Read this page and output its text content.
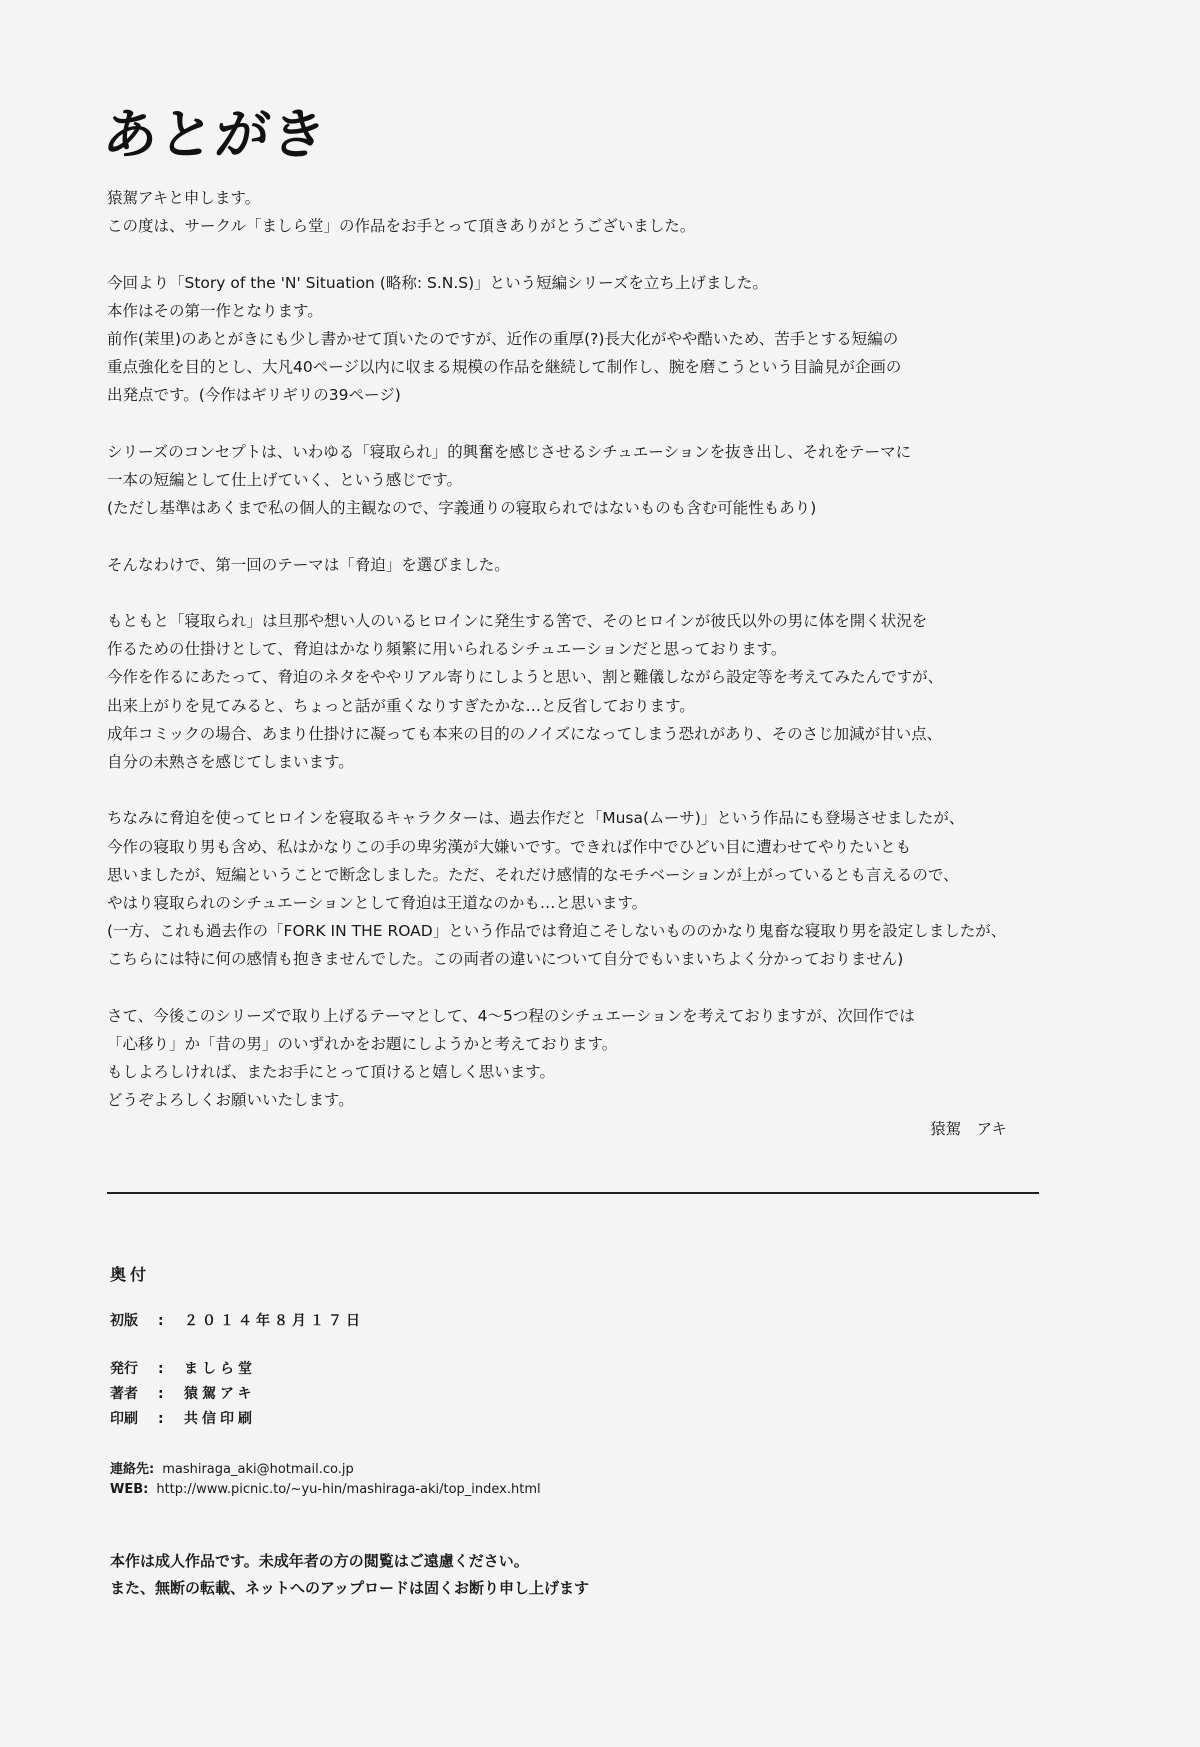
あとがき
猿駕アキと申します。
この度は、サークル「ましら堂」の作品をお手とって頂きありがとうございました。
今回より「Story of the 'N' Situation (略称: S.N.S)」という短編シリーズを立ち上げました。
本作はその第一作となります。
前作(茉里)のあとがきにも少し書かせて頂いたのですが、近作の重厚(?)長大化がやや酷いため、苦手とする短編の
重点強化を目的とし、大凡40ページ以内に収まる規模の作品を継続して制作し、腕を磨こうという目論見が企画の
出発点です。(今作はギリギリの39ページ)
シリーズのコンセプトは、いわゆる「寝取られ」的興奮を感じさせるシチュエーションを抜き出し、それをテーマに
一本の短編として仕上げていく、という感じです。
(ただし基準はあくまで私の個人的主観なので、字義通りの寝取られではないものも含む可能性もあり)
そんなわけで、第一回のテーマは「脅迫」を選びました。
もともと「寝取られ」は旦那や想い人のいるヒロインに発生する筈で、そのヒロインが彼氏以外の男に体を開く状況を
作るための仕掛けとして、脅迫はかなり頻繁に用いられるシチュエーションだと思っております。
今作を作るにあたって、脅迫のネタをややリアル寄りにしようと思い、割と難儀しながら設定等を考えてみたんですが、
出来上がりを見てみると、ちょっと話が重くなりすぎたかな…と反省しております。
成年コミックの場合、あまり仕掛けに凝っても本来の目的のノイズになってしまう恐れがあり、そのさじ加減が甘い点、
自分の未熟さを感じてしまいます。
ちなみに脅迫を使ってヒロインを寝取るキャラクターは、過去作だと「Musa(ムーサ)」という作品にも登場させましたが、
今作の寝取り男も含め、私はかなりこの手の卑劣漢が大嫌いです。できれば作中でひどい目に遭わせてやりたいとも
思いましたが、短編ということで断念しました。ただ、それだけ感情的なモチベーションが上がっているとも言えるので、
やはり寝取られのシチュエーションとして脅迫は王道なのかも…と思います。
(一方、これも過去作の「FORK IN THE ROAD」という作品では脅迫こそしないもののかなり鬼畜な寝取り男を設定しましたが、
こちらには特に何の感情も抱きませんでした。この両者の違いについて自分でもいまいちよく分かっておりません)
さて、今後このシリーズで取り上げるテーマとして、4～5つ程のシチュエーションを考えておりますが、次回作では
「心移り」か「昔の男」のいずれかをお題にしようかと考えております。
もしよろしければ、またお手にとって頂けると嬉しく思います。
どうぞよろしくお願いいたします。
猿駕　アキ
奥付
初版 : ２０１４年８月１７日
発行 : ましら堂
著者 : 猿駕アキ
印刷 : 共信印刷
連絡先: mashiraga_aki@hotmail.co.jp
WEB: http://www.picnic.to/~yu-hin/mashiraga-aki/top_index.html
本作は成人作品です。未成年者の方の閲覧はご遠慮ください。
また、無断の転載、ネットへのアップロードは固くお断り申し上げます
